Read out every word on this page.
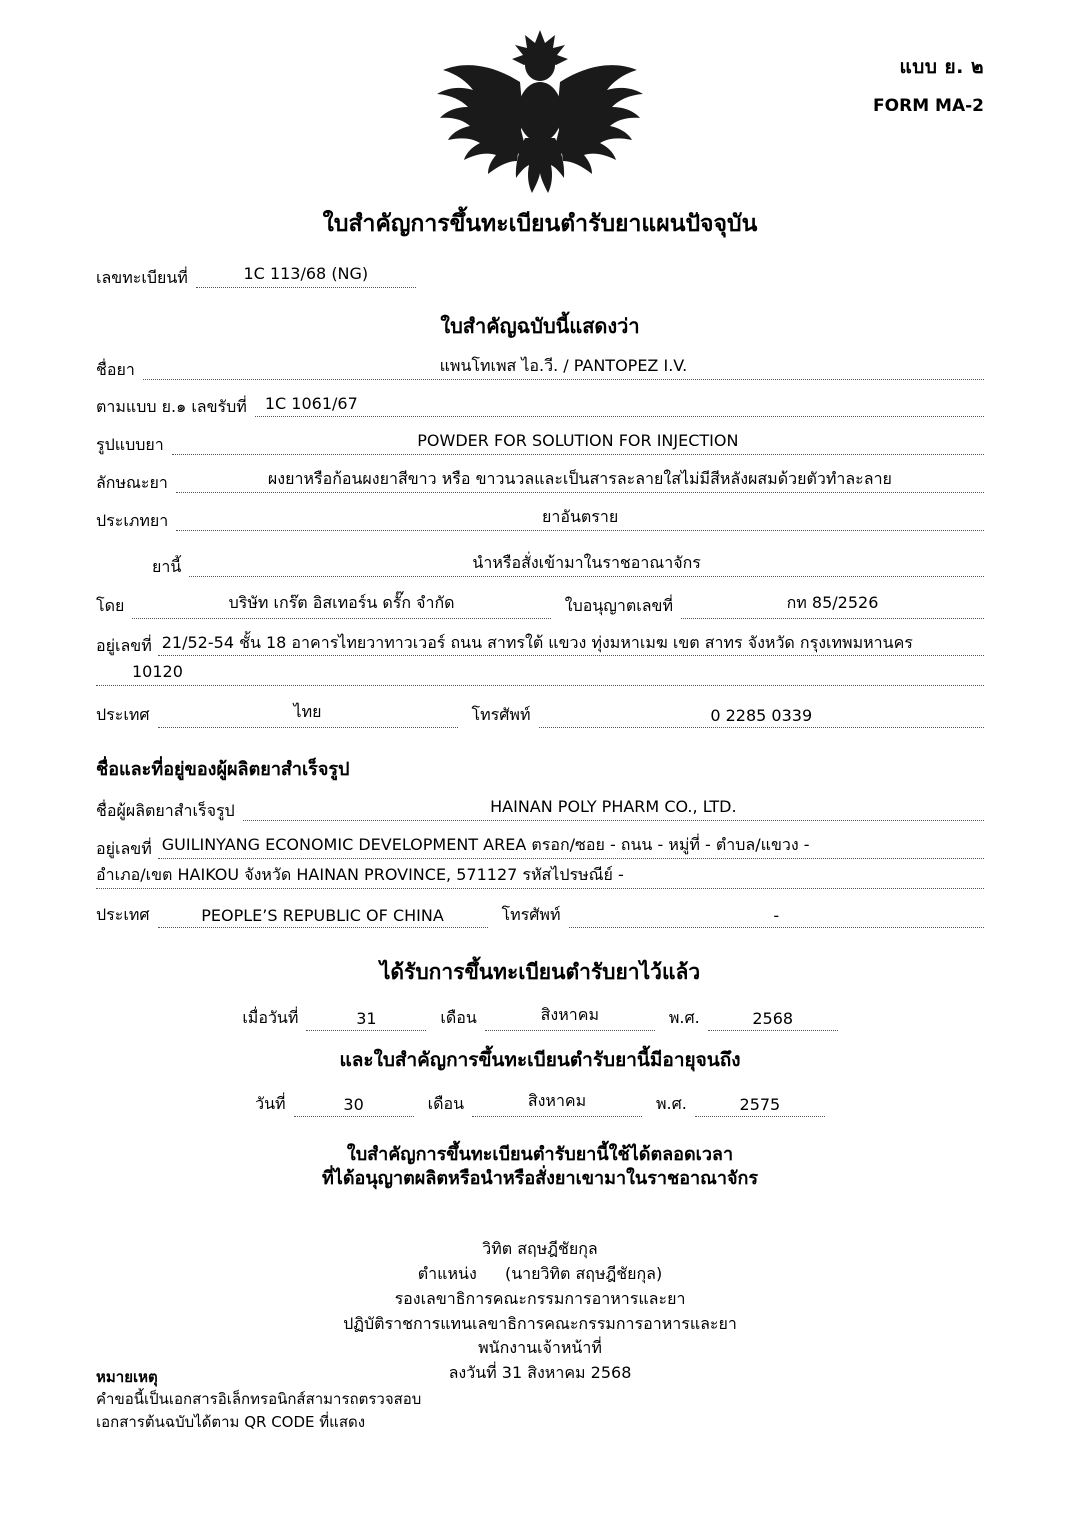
แบบ ย. ๒
FORM MA-2
ใบสำคัญการขึ้นทะเบียนตำรับยาแผนปัจจุบัน
เลขทะเบียนที่	1C 113/68 (NG)
ใบสำคัญฉบับนี้แสดงว่า
ชื่อยา	แพนโทเพส ไอ.วี. / PANTOPEZ I.V.
ตามแบบ ย.๑ เลขรับที่	1C 1061/67
รูปแบบยา	POWDER FOR SOLUTION FOR INJECTION
ลักษณะยา	ผงยาหรือก้อนผงยาสีขาว หรือ ขาวนวลและเป็นสารละลายใสไม่มีสีหลังผสมด้วยตัวทำละลาย
ประเภทยา	ยาอันตราย
ยานี้	นำหรือสั่งเข้ามาในราชอาณาจักร
โดย	บริษัท เกร๊ต อิสเทอร์น ดรั๊ก จำกัด	ใบอนุญาตเลขที่	กท 85/2526
อยู่เลขที่ 21/52-54 ชั้น 18 อาคารไทยวาทาวเวอร์ ถนน สาทรใต้ แขวง ทุ่งมหาเมฆ เขต สาทร จังหวัด กรุงเทพมหานคร
10120
ประเทศ	ไทย	โทรศัพท์	0 2285 0339
ชื่อและที่อยู่ของผู้ผลิตยาสำเร็จรูป
ชื่อผู้ผลิตยาสำเร็จรูป	HAINAN POLY PHARM CO., LTD.
อยู่เลขที่ GUILINYANG ECONOMIC DEVELOPMENT AREA ตรอก/ซอย - ถนน - หมู่ที่ - ตำบล/แขวง -
อำเภอ/เขต HAIKOU จังหวัด HAINAN PROVINCE, 571127 รหัสไปรษณีย์ -
ประเทศ	PEOPLE’S REPUBLIC OF CHINA	โทรศัพท์	-
ได้รับการขึ้นทะเบียนตำรับยาไว้แล้ว
เมื่อวันที่	31	เดือน	สิงหาคม	พ.ศ.	2568
และใบสำคัญการขึ้นทะเบียนตำรับยานี้มีอายุจนถึง
วันที่	30	เดือน	สิงหาคม	พ.ศ.	2575
ใบสำคัญการขึ้นทะเบียนตำรับยานี้ใช้ได้ตลอดเวลา
ที่ได้อนุญาตผลิตหรือนำหรือสั่งยาเขามาในราชอาณาจักร
วิทิต สฤษฎีชัยกุล
ตำแหน่ง (นายวิทิต สฤษฎีชัยกุล)
รองเลขาธิการคณะกรรมการอาหารและยา
ปฏิบัติราชการแทนเลขาธิการคณะกรรมการอาหารและยา
พนักงานเจ้าหน้าที่
ลงวันที่ 31 สิงหาคม 2568
หมายเหตุ
คำขอนี้เป็นเอกสารอิเล็กทรอนิกส์สามารถตรวจสอบ
เอกสารต้นฉบับได้ตาม QR CODE ที่แสดง
